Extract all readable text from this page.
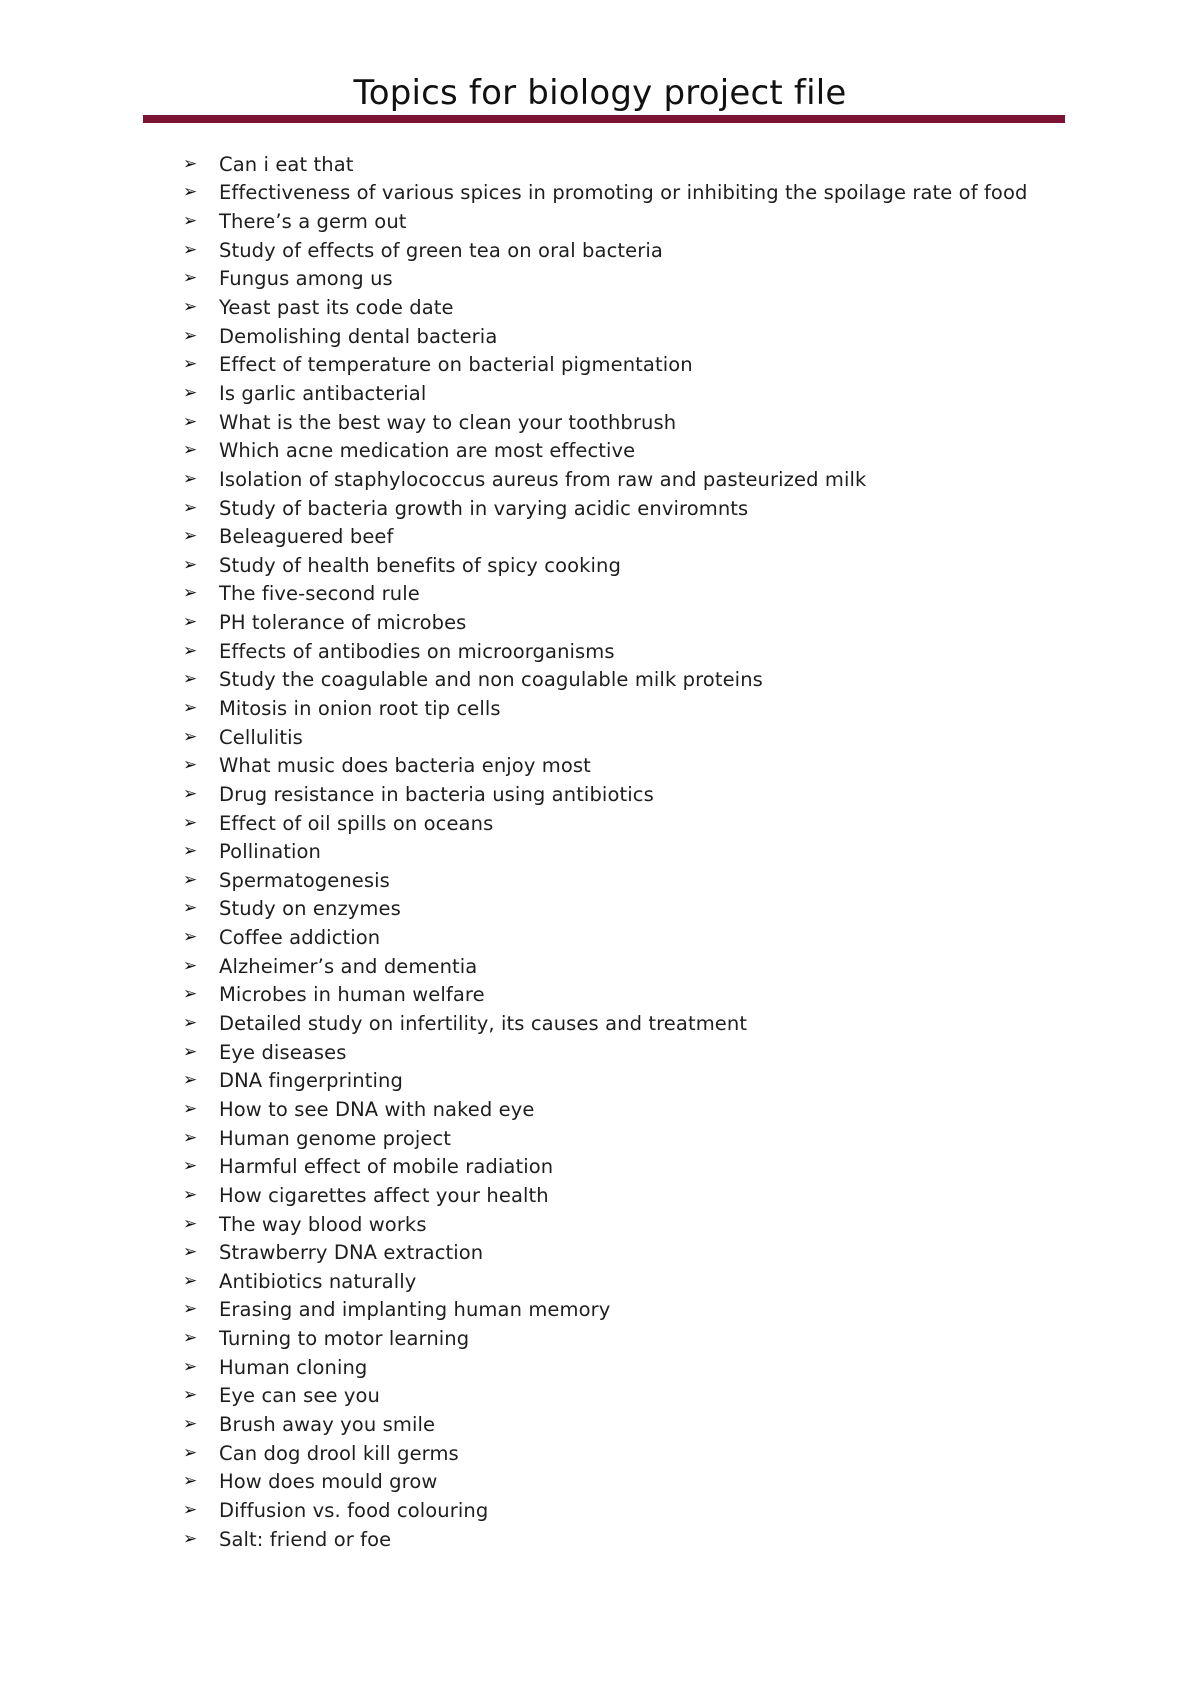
Topics for biology project file
➢	Can i eat that
➢	Effectiveness of various spices in promoting or inhibiting the spoilage rate of food
➢	There’s a germ out
➢	Study of effects of green tea on oral bacteria
➢	Fungus among us
➢	Yeast past its code date
➢	Demolishing dental bacteria
➢	Effect of temperature on bacterial pigmentation
➢	Is garlic antibacterial
➢	What is the best way to clean your toothbrush
➢	Which acne medication are most effective
➢	Isolation of staphylococcus aureus from raw and pasteurized milk
➢	Study of bacteria growth in varying acidic enviromnts
➢	Beleaguered beef
➢	Study of health benefits of spicy cooking
➢	The five-second rule
➢	PH tolerance of microbes
➢	Effects of antibodies on microorganisms
➢	Study the coagulable and non coagulable milk proteins
➢	Mitosis in onion root tip cells
➢	Cellulitis
➢	What music does bacteria enjoy most
➢	Drug resistance in bacteria using antibiotics
➢	Effect of oil spills on oceans
➢	Pollination
➢	Spermatogenesis
➢	Study on enzymes
➢	Coffee addiction
➢	Alzheimer’s and dementia
➢	Microbes in human welfare
➢	Detailed study on infertility, its causes and treatment
➢	Eye diseases
➢	DNA fingerprinting
➢	How to see DNA with naked eye
➢	Human genome project
➢	Harmful effect of mobile radiation
➢	How cigarettes affect your health
➢	The way blood works
➢	Strawberry DNA extraction
➢	Antibiotics naturally
➢	Erasing and implanting human memory
➢	Turning to motor learning
➢	Human cloning
➢	Eye can see you
➢	Brush away you smile
➢	Can dog drool kill germs
➢	How does mould grow
➢	Diffusion vs. food colouring
➢	Salt: friend or foe
